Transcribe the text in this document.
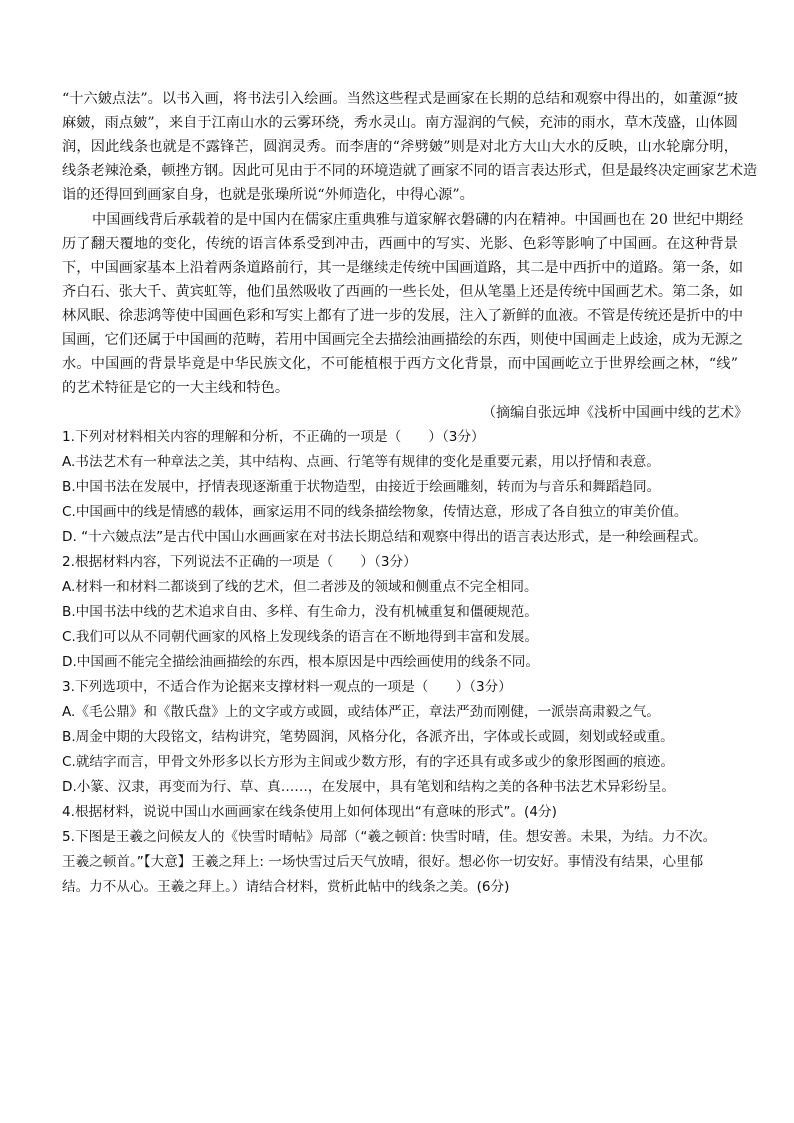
“十六皴点法”。以书入画，将书法引入绘画。当然这些程式是画家在长期的总结和观察中得出的，如董源“披
麻皴，雨点皴”，来自于江南山水的云雾环绕，秀水灵山。南方湿润的气候，充沛的雨水，草木茂盛，山体圆
润，因此线条也就是不露锋芒，圆润灵秀。而李唐的“斧劈皴”则是对北方大山大水的反映，山水轮廓分明，
线条老辣沧桑，顿挫方钢。因此可见由于不同的环境造就了画家不同的语言表达形式，但是最终决定画家艺术造
诣的还得回到画家自身，也就是张璪所说“外师造化，中得心源”。
中国画线背后承载着的是中国内在儒家庄重典雅与道家解衣磐礴的内在精神。中国画也在 20 世纪中期经
历了翻天覆地的变化，传统的语言体系受到冲击，西画中的写实、光影、色彩等影响了中国画。在这种背景
下，中国画家基本上沿着两条道路前行，其一是继续走传统中国画道路，其二是中西折中的道路。第一条，如
齐白石、张大千、黄宾虹等，他们虽然吸收了西画的一些长处，但从笔墨上还是传统中国画艺术。第二条，如
林风眠、徐悲鸿等使中国画色彩和写实上都有了进一步的发展，注入了新鲜的血液。不管是传统还是折中的中
国画，它们还属于中国画的范畴，若用中国画完全去描绘油画描绘的东西，则使中国画走上歧途，成为无源之
水。中国画的背景毕竟是中华民族文化，不可能植根于西方文化背景，而中国画屹立于世界绘画之林，“线”
的艺术特征是它的一大主线和特色。
（摘编自张远坤《浅析中国画中线的艺术》
1.下列对材料相关内容的理解和分析，不正确的一项是（　　）（3分）
A.书法艺术有一种章法之美，其中结构、点画、行笔等有规律的变化是重要元素，用以抒情和表意。
B.中国书法在发展中，抒情表现逐渐重于状物造型，由接近于绘画雕刻，转而为与音乐和舞蹈趋同。
C.中国画中的线是情感的载体，画家运用不同的线条描绘物象，传情达意，形成了各自独立的审美价值。
D. “十六皴点法”是古代中国山水画画家在对书法长期总结和观察中得出的语言表达形式，是一种绘画程式。
2.根据材料内容，下列说法不正确的一项是（　　）（3分）
A.材料一和材料二都谈到了线的艺术，但二者涉及的领域和侧重点不完全相同。
B.中国书法中线的艺术追求自由、多样、有生命力，没有机械重复和僵硬规范。
C.我们可以从不同朝代画家的风格上发现线条的语言在不断地得到丰富和发展。
D.中国画不能完全描绘油画描绘的东西，根本原因是中西绘画使用的线条不同。
3.下列选项中，不适合作为论据来支撑材料一观点的一项是（　　）（3分）
A.《毛公鼎》和《散氏盘》上的文字或方或圆，或结体严正，章法严劲而刚健，一派崇高肃毅之气。
B.周金中期的大段铭文，结构讲究，笔势圆润，风格分化，各派齐出，字体或长或圆，刻划或轻或重。
C.就结字而言，甲骨文外形多以长方形为主间或少数方形，有的字还具有或多或少的象形图画的痕迹。
D.小篆、汉隶，再变而为行、草、真……，在发展中，具有笔划和结构之美的各种书法艺术异彩纷呈。
4.根据材料，说说中国山水画画家在线条使用上如何体现出“有意味的形式”。(4分)
5.下图是王羲之问候友人的《快雪时晴帖》局部（“羲之顿首: 快雪时晴，佳。想安善。未果，为结。力不次。
王羲之顿首。”【大意】王羲之拜上: 一场快雪过后天气放晴，很好。想必你一切安好。事情没有结果，心里郁
结。力不从心。王羲之拜上。）请结合材料，赏析此帖中的线条之美。(6分)
